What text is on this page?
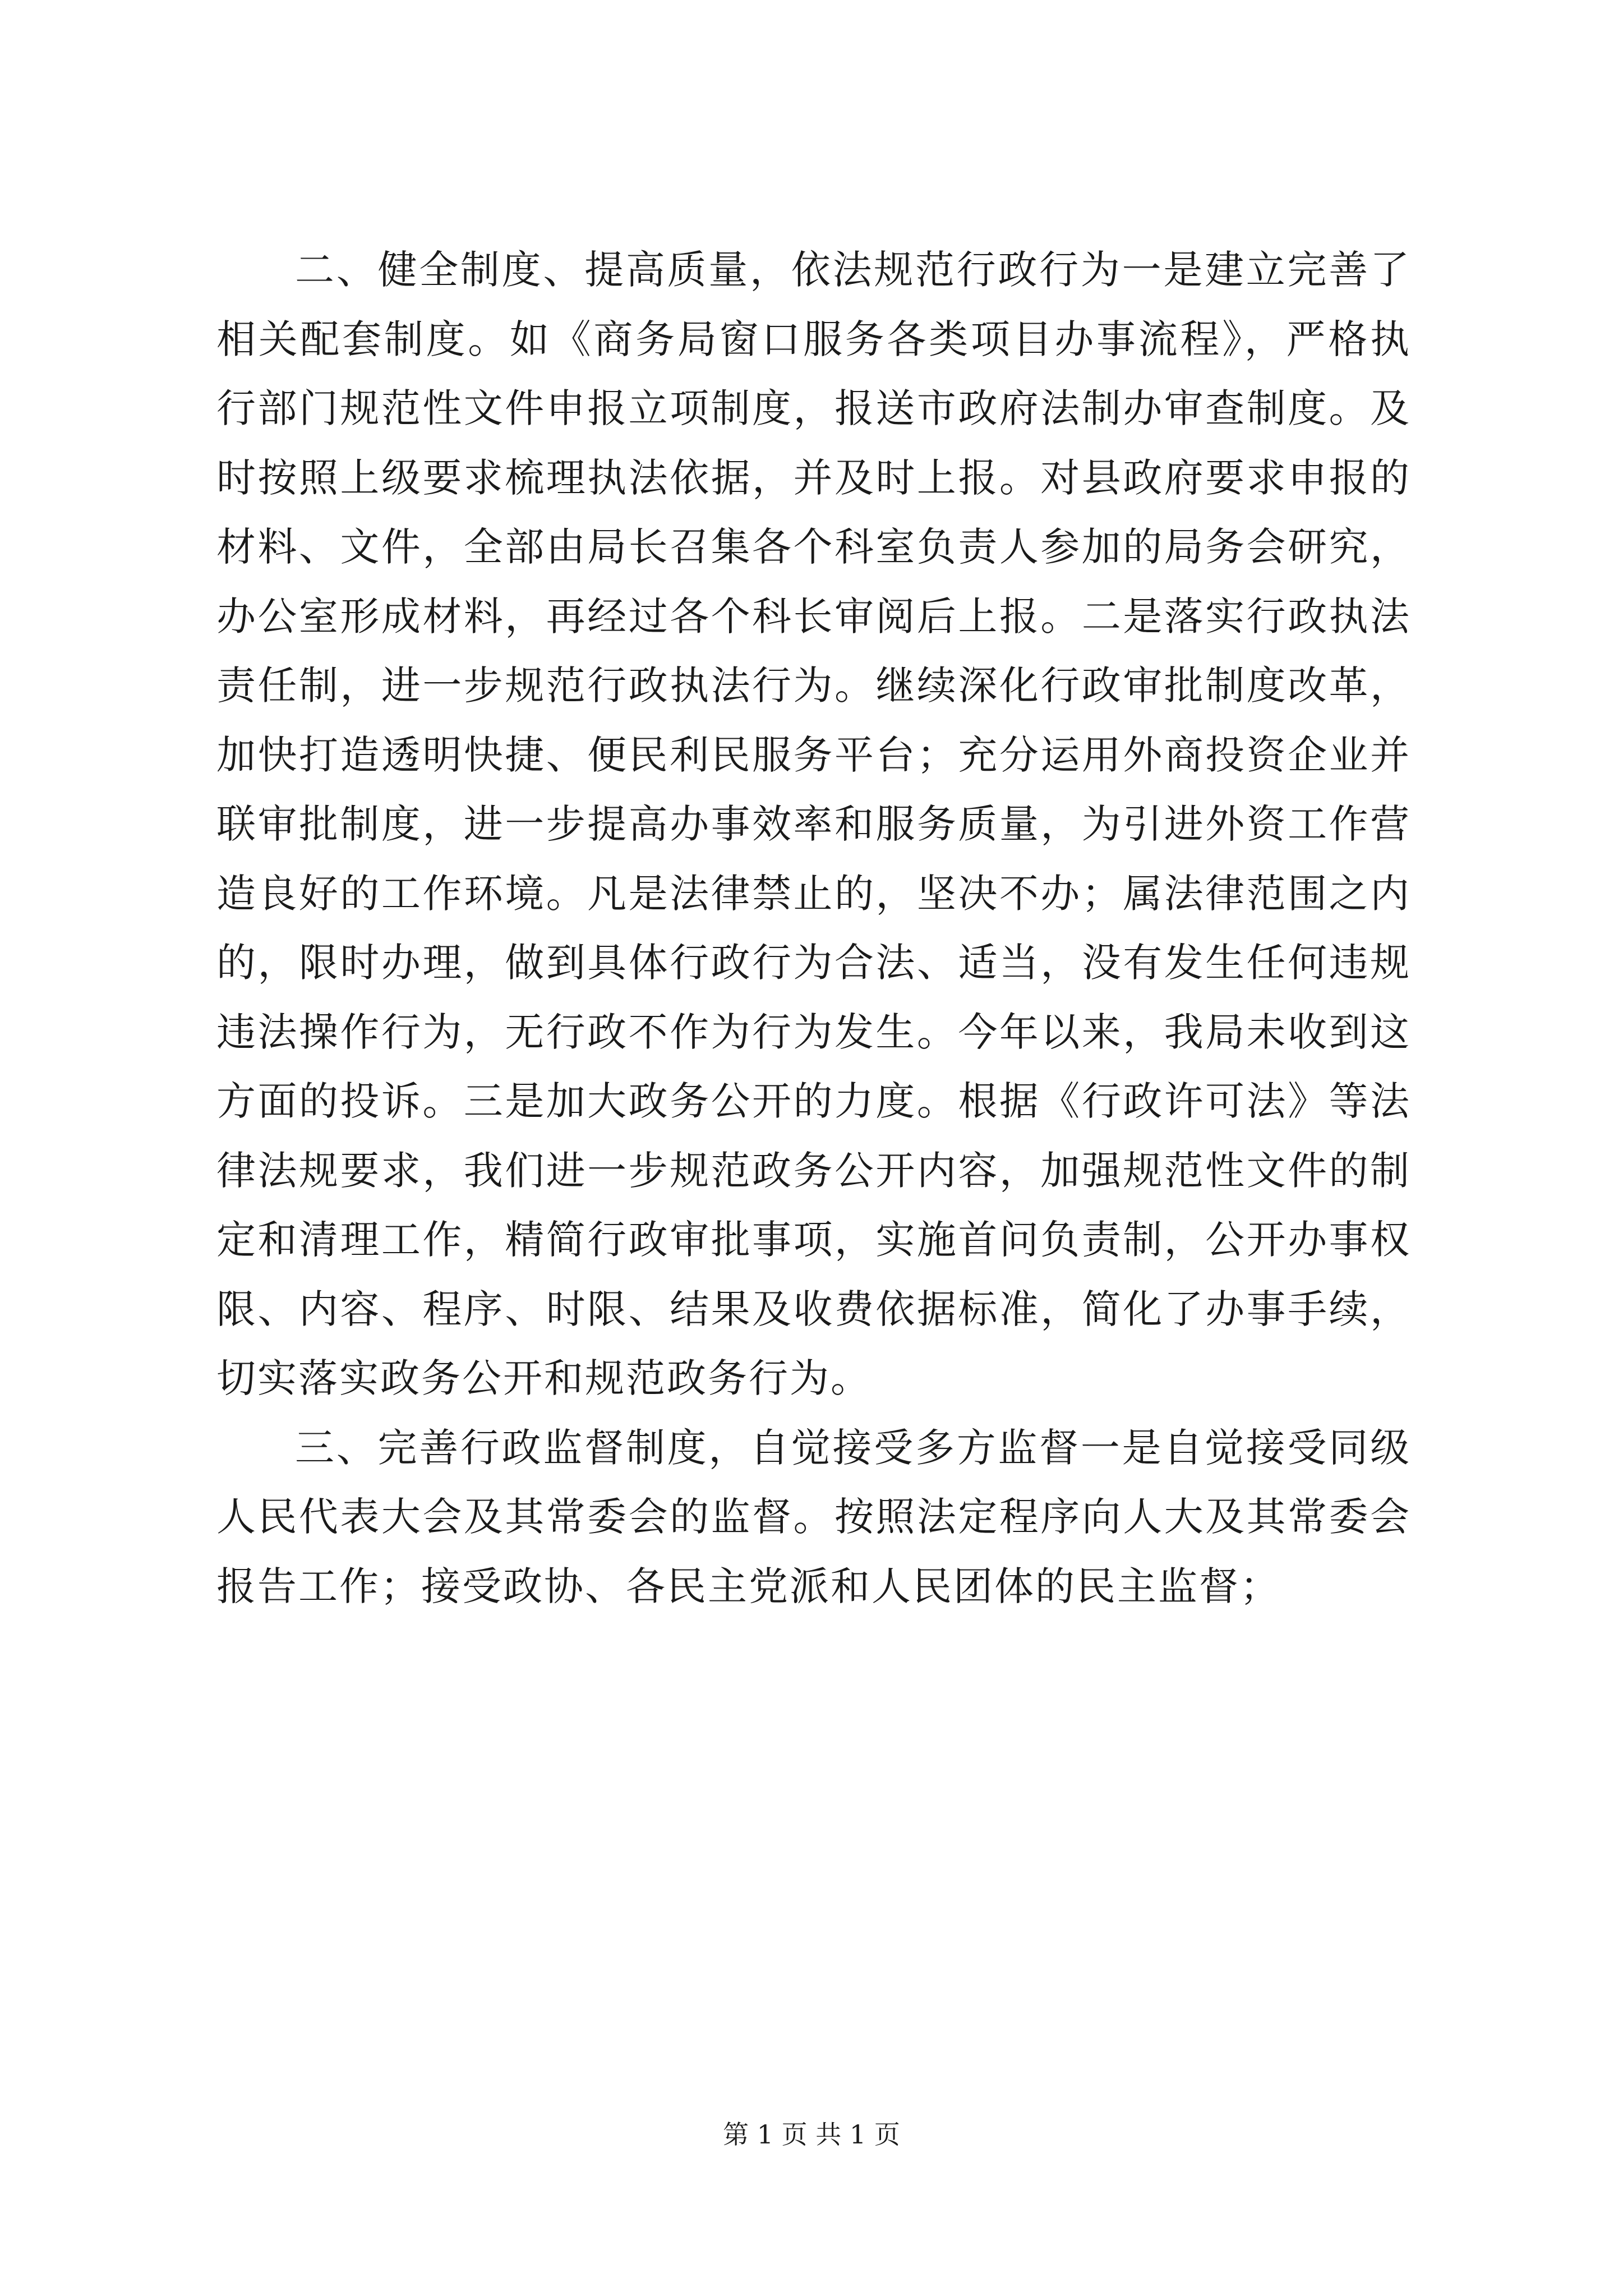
二、健全制度、提高质量，依法规范行政行为一是建立完善了相关配套制度。如《商务局窗口服务各类项目办事流程》，严格执行部门规范性文件申报立项制度，报送市政府法制办审查制度。及时按照上级要求梳理执法依据，并及时上报。对县政府要求申报的材料、文件，全部由局长召集各个科室负责人参加的局务会研究，办公室形成材料，再经过各个科长审阅后上报。二是落实行政执法责任制，进一步规范行政执法行为。继续深化行政审批制度改革，加快打造透明快捷、便民利民服务平台；充分运用外商投资企业并联审批制度，进一步提高办事效率和服务质量，为引进外资工作营造良好的工作环境。凡是法律禁止的，坚决不办；属法律范围之内的，限时办理，做到具体行政行为合法、适当，没有发生任何违规违法操作行为，无行政不作为行为发生。今年以来，我局未收到这方面的投诉。三是加大政务公开的力度。根据《行政许可法》等法律法规要求，我们进一步规范政务公开内容，加强规范性文件的制定和清理工作，精简行政审批事项，实施首问负责制，公开办事权限、内容、程序、时限、结果及收费依据标准，简化了办事手续，切实落实政务公开和规范政务行为。

三、完善行政监督制度，自觉接受多方监督一是自觉接受同级人民代表大会及其常委会的监督。按照法定程序向人大及其常委会报告工作；接受政协、各民主党派和人民团体的民主监督；

第 1 页 共 1 页
